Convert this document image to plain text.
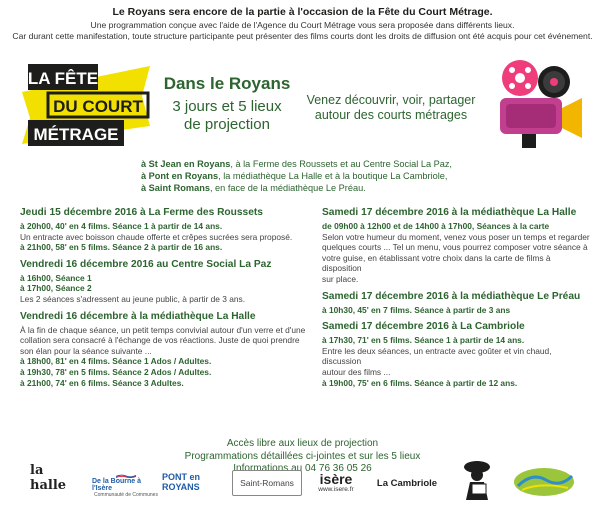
Le Royans sera encore de la partie à l'occasion de la Fête du Court Métrage.
Une programmation conçue avec l'aide de l'Agence du Court Métrage vous sera proposée dans différents lieux.
Car durant cette manifestation, toute structure participante peut présenter des films courts dont les droits de diffusion ont été acquis pour cet événement.
LA FÊTE
DU COURT
MÉTRAGE
Dans le Royans
3 jours et 5 lieux
de projection
Venez découvrir, voir, partager
autour des courts métrages
à St Jean en Royans, à la Ferme des Roussets et au Centre Social La Paz,
à Pont en Royans, la médiathèque La Halle et à la boutique La Cambriole,
à Saint Romans, en face de la médiathèque Le Préau.
Jeudi 15 décembre 2016 à La Ferme des Roussets
à 20h00, 40' en 4 films. Séance 1 à partir de 14 ans.
Un entracte avec boisson chaude offerte et crêpes sucrées sera proposé.
à 21h00, 58' en 5 films. Séance 2 à partir de 16 ans.
Vendredi 16 décembre 2016 au Centre Social La Paz
à 16h00, Séance 1
à 17h00, Séance 2
Les 2 séances s'adressent au jeune public, à partir de 3 ans.
Vendredi 16 décembre à la médiathèque La Halle
À la fin de chaque séance, un petit temps convivial autour d'un verre et d'une
collation sera consacré à l'échange de vos réactions. Juste de quoi prendre
son élan pour la séance suivante ...
à 18h00, 81' en 4 films. Séance 1 Ados / Adultes.
à 19h30, 78' en 5 films. Séance 2 Ados / Adultes.
à 21h00, 74' en 6 films. Séance 3 Adultes.
Samedi 17 décembre 2016 à la médiathèque La Halle
de 09h00 à 12h00 et de 14h00 à 17h00, Séances à la carte
Selon votre humeur du moment, venez vous poser un temps et regarder
quelques courts ... Tel un menu, vous pourrez composer votre séance à
votre guise, en établissant votre choix dans la carte de films à disposition
sur place.
Samedi 17 décembre 2016 à la médiathèque Le Préau
à 10h30, 45' en 7 films. Séance à partir de 3 ans
Samedi 17 décembre 2016 à La Cambriole
à 17h30, 71' en 5 films. Séance 1 à partir de 14 ans.
Entre les deux séances, un entracte avec goûter et vin chaud, discussion
autour des films ...
à 19h00, 75' en 6 films. Séance à partir de 12 ans.
Accès libre aux lieux de projection
Programmations détaillées ci-jointes et sur les 5 lieux
Informations au 04 76 36 05 26
la halle	De la Bourne à l'Isère
Communauté de Communes
PONT en ROYANS	Saint-Romans	isère
www.isere.fr
La Cambriole
